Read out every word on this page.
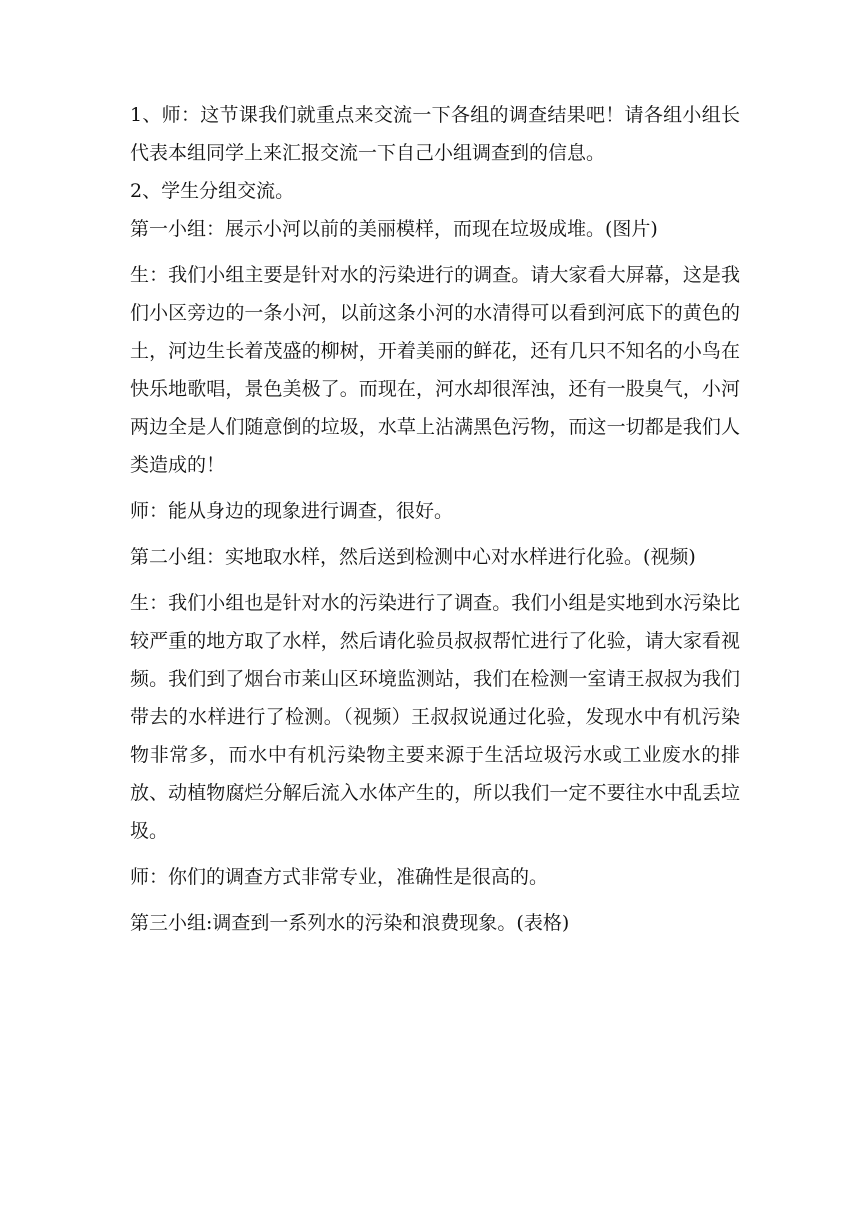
1、师：这节课我们就重点来交流一下各组的调查结果吧！请各组小组长代表本组同学上来汇报交流一下自己小组调查到的信息。

2、学生分组交流。

第一小组：展示小河以前的美丽模样，而现在垃圾成堆。(图片)

生：我们小组主要是针对水的污染进行的调查。请大家看大屏幕，这是我们小区旁边的一条小河，以前这条小河的水清得可以看到河底下的黄色的土，河边生长着茂盛的柳树，开着美丽的鲜花，还有几只不知名的小鸟在快乐地歌唱，景色美极了。而现在，河水却很浑浊，还有一股臭气，小河两边全是人们随意倒的垃圾，水草上沾满黑色污物，而这一切都是我们人类造成的！

师：能从身边的现象进行调查，很好。

第二小组：实地取水样，然后送到检测中心对水样进行化验。(视频)

生：我们小组也是针对水的污染进行了调查。我们小组是实地到水污染比较严重的地方取了水样，然后请化验员叔叔帮忙进行了化验，请大家看视频。我们到了烟台市莱山区环境监测站，我们在检测一室请王叔叔为我们带去的水样进行了检测。（视频）王叔叔说通过化验，发现水中有机污染物非常多，而水中有机污染物主要来源于生活垃圾污水或工业废水的排放、动植物腐烂分解后流入水体产生的，所以我们一定不要往水中乱丢垃圾。

师：你们的调查方式非常专业，准确性是很高的。

第三小组:调查到一系列水的污染和浪费现象。(表格)
